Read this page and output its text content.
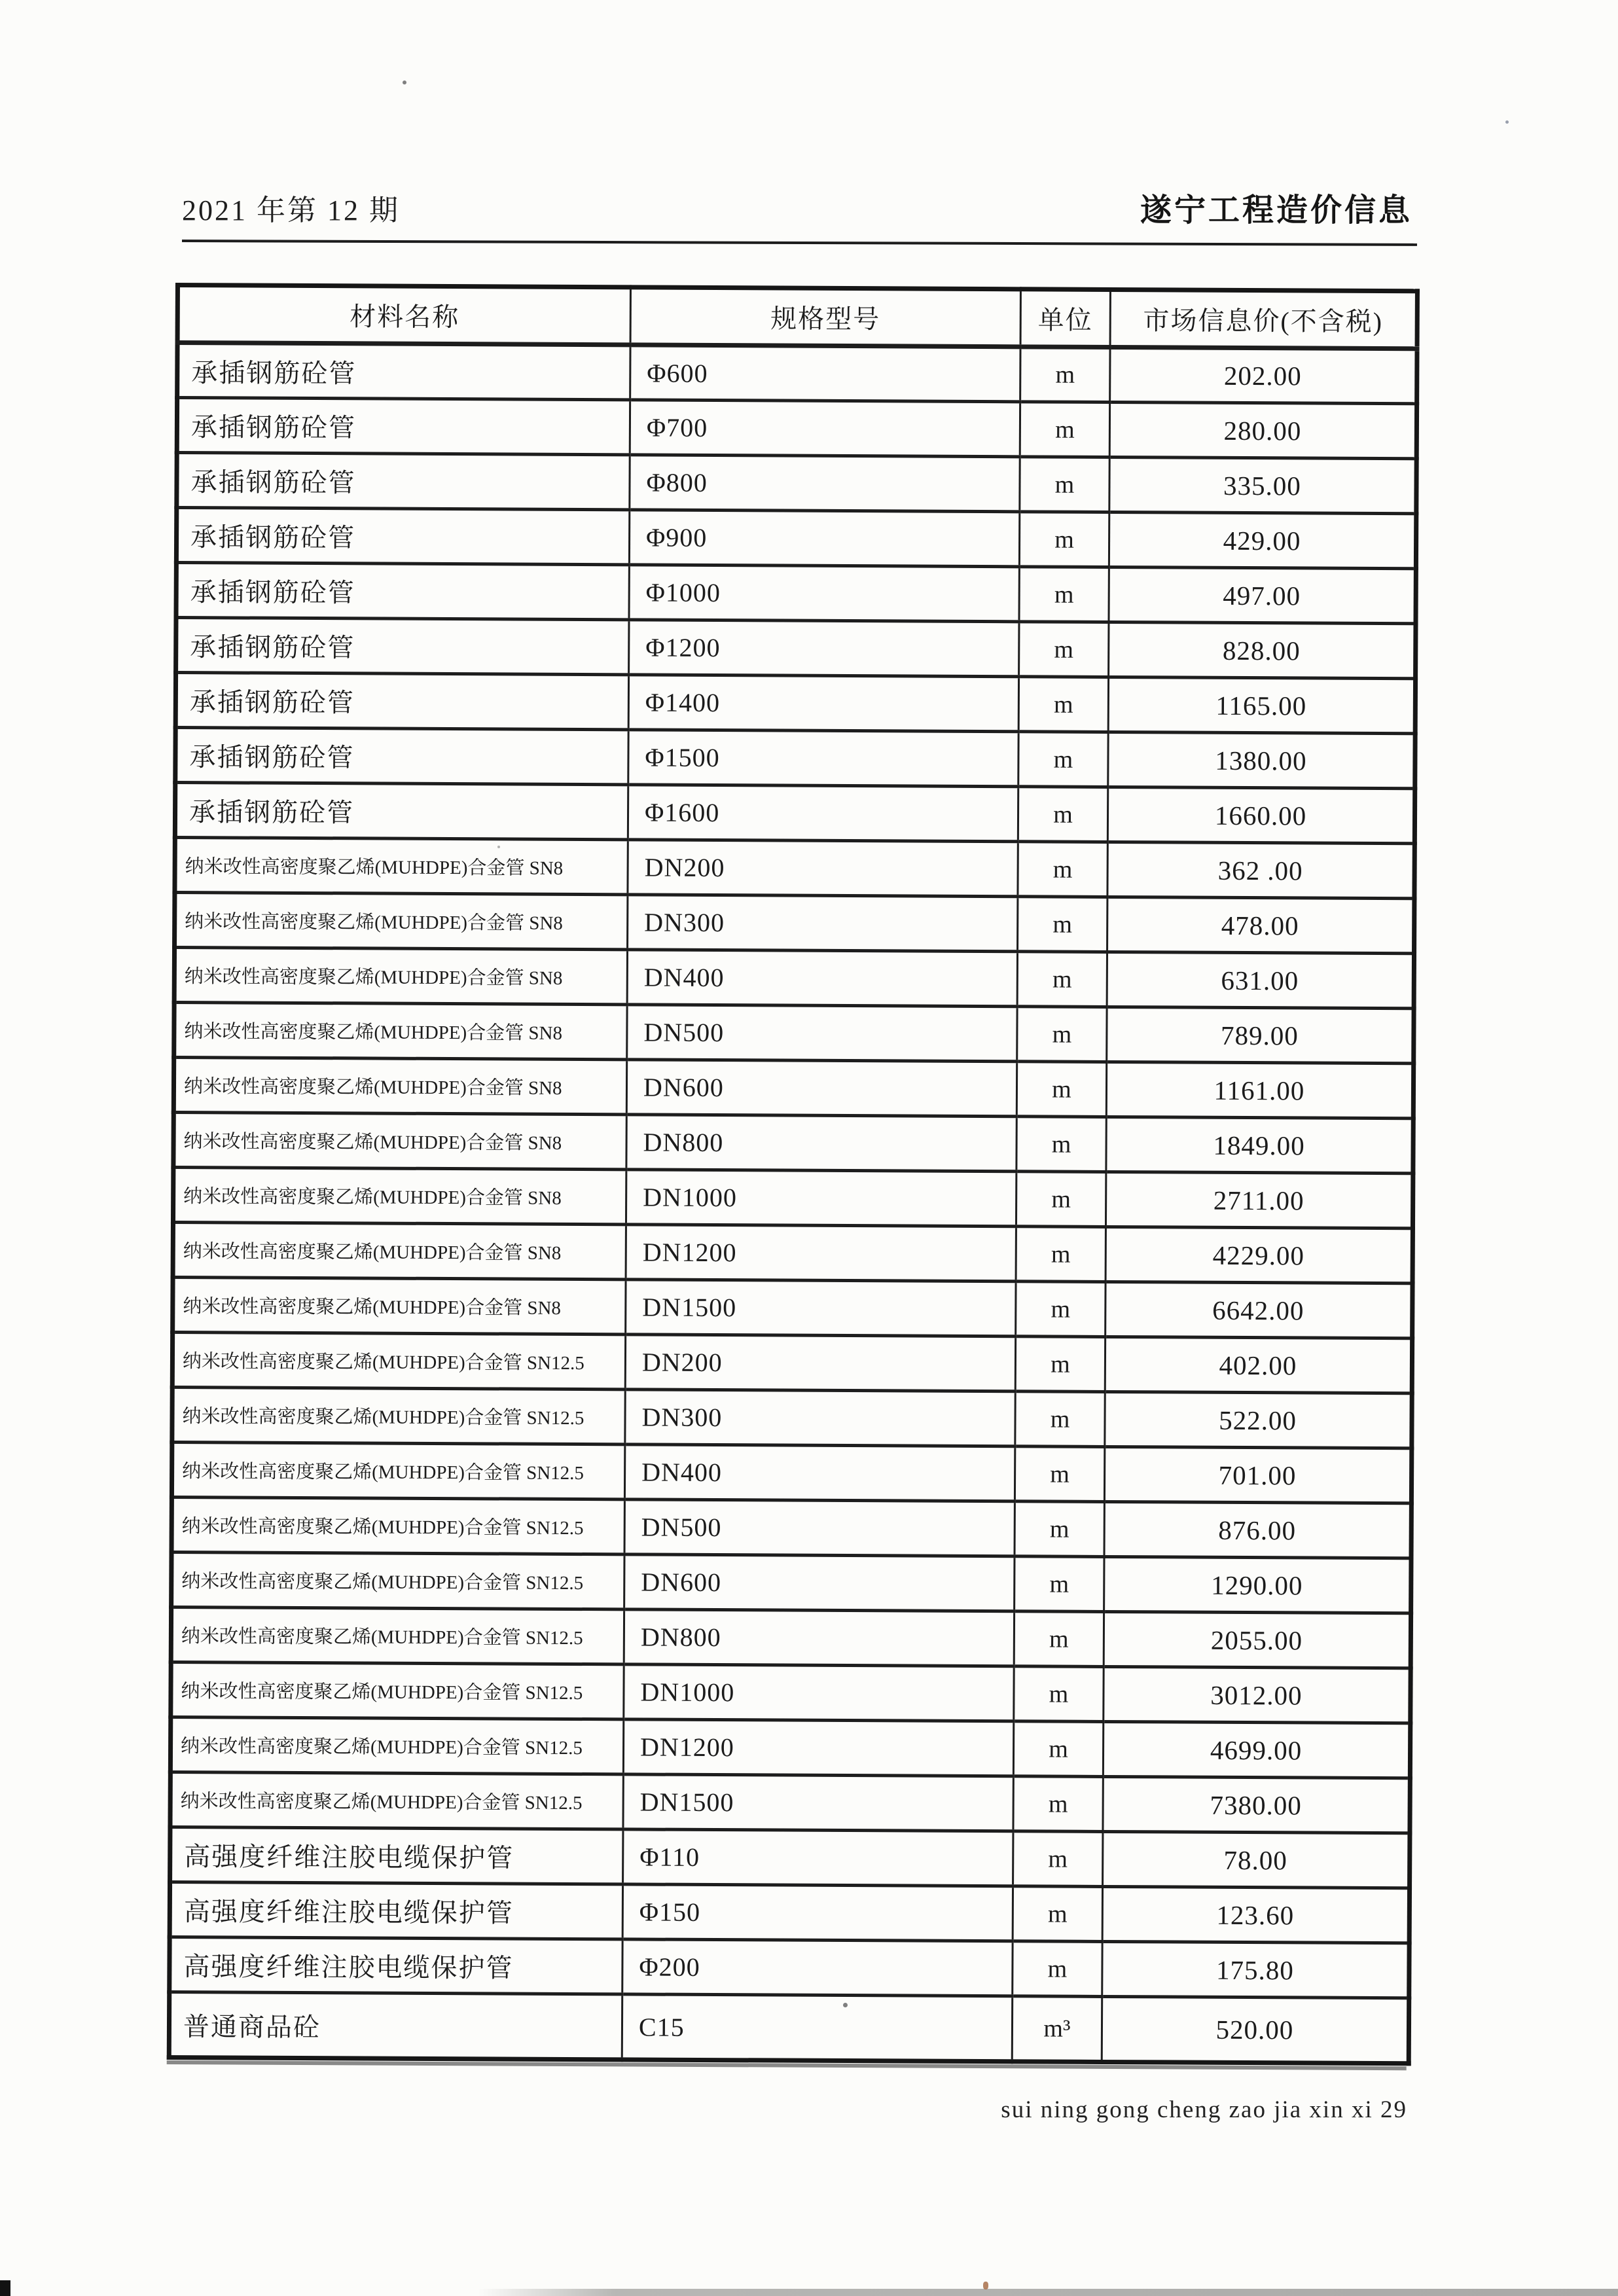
2021 年第 12 期	遂宁工程造价信息
材料名称	规格型号	单位	市场信息价(不含税)
承插钢筋砼管	Φ600	m	202.00
承插钢筋砼管	Φ700	m	280.00
承插钢筋砼管	Φ800	m	335.00
承插钢筋砼管	Φ900	m	429.00
承插钢筋砼管	Φ1000	m	497.00
承插钢筋砼管	Φ1200	m	828.00
承插钢筋砼管	Φ1400	m	1165.00
承插钢筋砼管	Φ1500	m	1380.00
承插钢筋砼管	Φ1600	m	1660.00
纳米改性高密度聚乙烯(MUHDPE)合金管 SN8	DN200	m	362 .00
纳米改性高密度聚乙烯(MUHDPE)合金管 SN8	DN300	m	478.00
纳米改性高密度聚乙烯(MUHDPE)合金管 SN8	DN400	m	631.00
纳米改性高密度聚乙烯(MUHDPE)合金管 SN8	DN500	m	789.00
纳米改性高密度聚乙烯(MUHDPE)合金管 SN8	DN600	m	1161.00
纳米改性高密度聚乙烯(MUHDPE)合金管 SN8	DN800	m	1849.00
纳米改性高密度聚乙烯(MUHDPE)合金管 SN8	DN1000	m	2711.00
纳米改性高密度聚乙烯(MUHDPE)合金管 SN8	DN1200	m	4229.00
纳米改性高密度聚乙烯(MUHDPE)合金管 SN8	DN1500	m	6642.00
纳米改性高密度聚乙烯(MUHDPE)合金管 SN12.5	DN200	m	402.00
纳米改性高密度聚乙烯(MUHDPE)合金管 SN12.5	DN300	m	522.00
纳米改性高密度聚乙烯(MUHDPE)合金管 SN12.5	DN400	m	701.00
纳米改性高密度聚乙烯(MUHDPE)合金管 SN12.5	DN500	m	876.00
纳米改性高密度聚乙烯(MUHDPE)合金管 SN12.5	DN600	m	1290.00
纳米改性高密度聚乙烯(MUHDPE)合金管 SN12.5	DN800	m	2055.00
纳米改性高密度聚乙烯(MUHDPE)合金管 SN12.5	DN1000	m	3012.00
纳米改性高密度聚乙烯(MUHDPE)合金管 SN12.5	DN1200	m	4699.00
纳米改性高密度聚乙烯(MUHDPE)合金管 SN12.5	DN1500	m	7380.00
高强度纤维注胶电缆保护管	Φ110	m	78.00
高强度纤维注胶电缆保护管	Φ150	m	123.60
高强度纤维注胶电缆保护管	Φ200	m	175.80
普通商品砼	C15	m³	520.00
sui ning gong cheng zao jia xin xi 29
